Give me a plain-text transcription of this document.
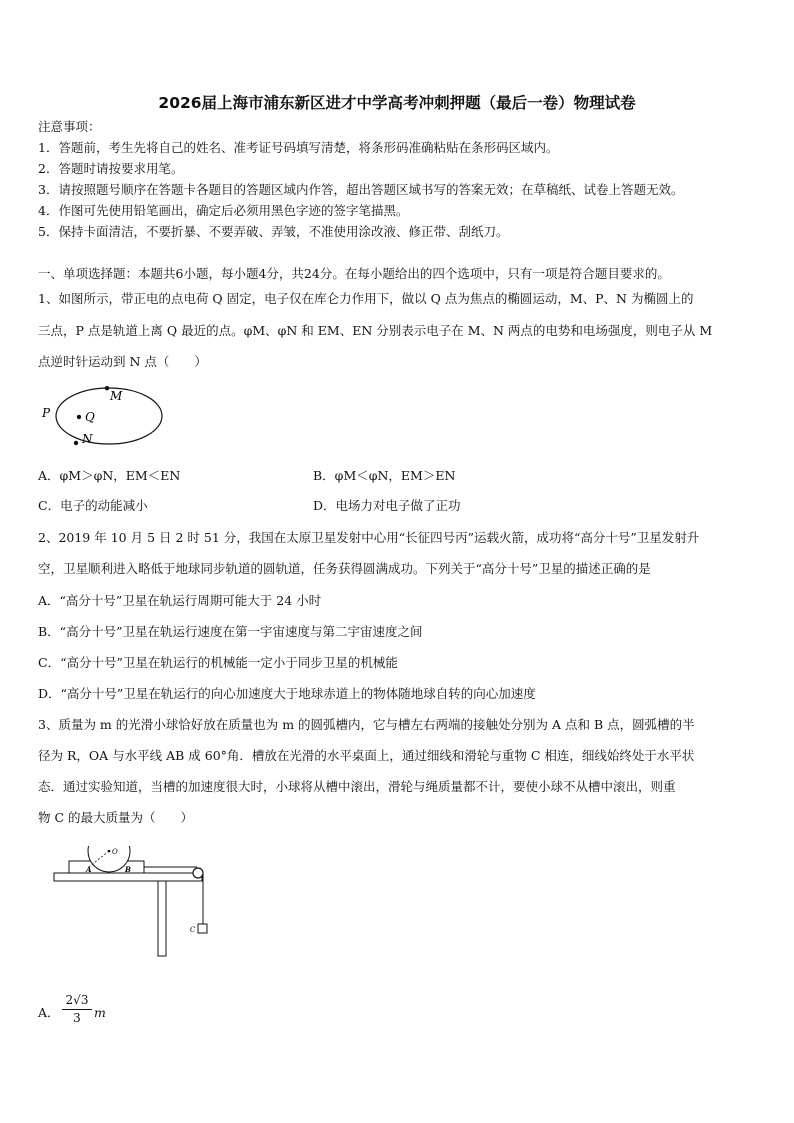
2026届上海市浦东新区进才中学高考冲刺押题（最后一卷）物理试卷
注意事项：
1．答题前，考生先将自己的姓名、准考证号码填写清楚，将条形码准确粘贴在条形码区域内。
2．答题时请按要求用笔。
3．请按照题号顺序在答题卡各题目的答题区域内作答，超出答题区域书写的答案无效；在草稿纸、试卷上答题无效。
4．作图可先使用铅笔画出，确定后必须用黑色字迹的签字笔描黑。
5．保持卡面清洁，不要折暴、不要弄破、弄皱，不准使用涂改液、修正带、刮纸刀。
一、单项选择题：本题共6小题，每小题4分，共24分。在每小题给出的四个选项中，只有一项是符合题目要求的。
1、如图所示，带正电的点电荷 Q 固定，电子仅在库仑力作用下，做以 Q 点为焦点的椭圆运动，M、P、N 为椭圆上的
三点，P 点是轨道上离 Q 最近的点。φM、φN 和 EM、EN 分别表示电子在 M、N 两点的电势和电场强度，则电子从 M
点逆时针运动到 N 点（　　）
P	Q
M
N
A．φM＞φN，EM＜EN	B．φM＜φN，EM＞EN
C．电子的动能减小	D．电场力对电子做了正功
2、2019 年 10 月 5 日 2 时 51 分，我国在太原卫星发射中心用“长征四号丙”运载火箭，成功将“高分十号”卫星发射升
空，卫星顺利进入略低于地球同步轨道的圆轨道，任务获得圆满成功。下列关于“高分十号”卫星的描述正确的是
A．“高分十号”卫星在轨运行周期可能大于 24 小时
B．“高分十号”卫星在轨运行速度在第一宇宙速度与第二宇宙速度之间
C．“高分十号”卫星在轨运行的机械能一定小于同步卫星的机械能
D．“高分十号”卫星在轨运行的向心加速度大于地球赤道上的物体随地球自转的向心加速度
3、质量为 m 的光滑小球恰好放在质量也为 m 的圆弧槽内，它与槽左右两端的接触处分别为 A 点和 B 点，圆弧槽的半
径为 R，OA 与水平线 AB 成 60°角．槽放在光滑的水平桌面上，通过细线和滑轮与重物 C 相连，细线始终处于水平状
态．通过实验知道，当槽的加速度很大时，小球将从槽中滚出，滑轮与绳质量都不计，要使小球不从槽中滚出，则重
物 C 的最大质量为（　　）
O
A	B
C
A．
2√3
3	m
